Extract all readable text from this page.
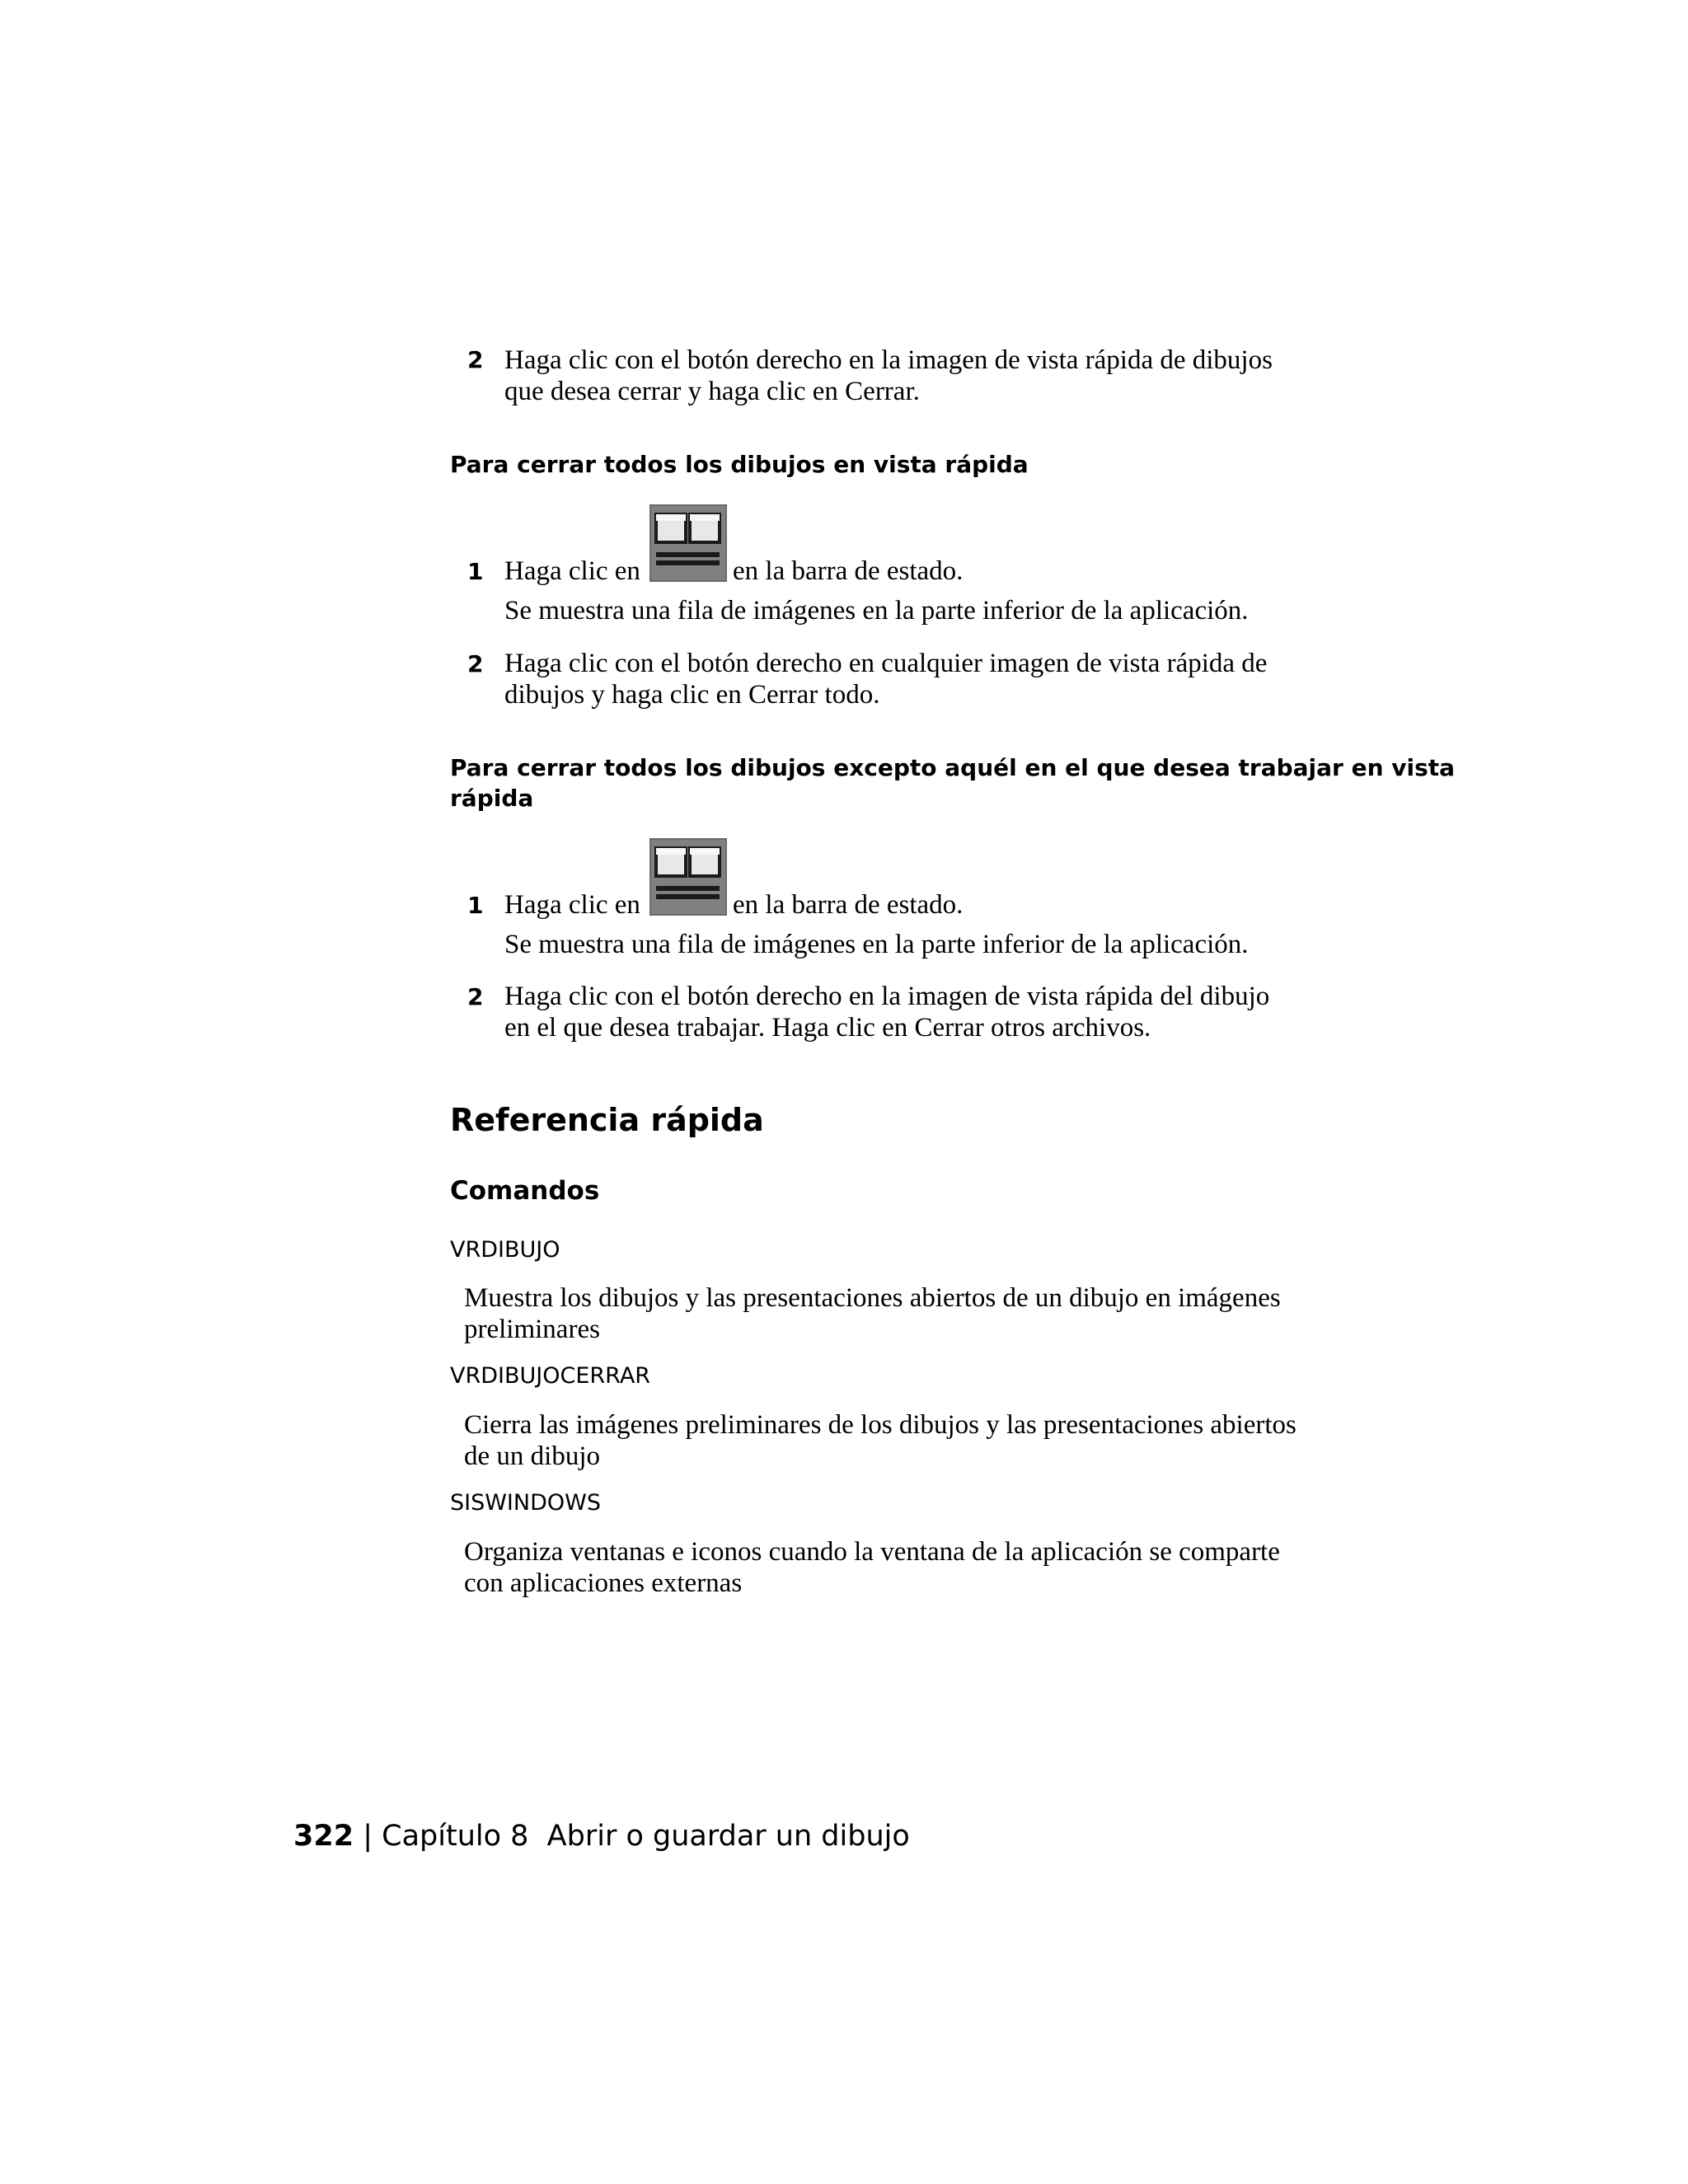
2 Haga clic con el botón derecho en la imagen de vista rápida de dibujos
que desea cerrar y haga clic en Cerrar.
Para cerrar todos los dibujos en vista rápida
1 Haga clic en	en la barra de estado.
Se muestra una fila de imágenes en la parte inferior de la aplicación.
2 Haga clic con el botón derecho en cualquier imagen de vista rápida de
dibujos y haga clic en Cerrar todo.
Para cerrar todos los dibujos excepto aquél en el que desea trabajar en vista
rápida
1 Haga clic en	en la barra de estado.
Se muestra una fila de imágenes en la parte inferior de la aplicación.
2 Haga clic con el botón derecho en la imagen de vista rápida del dibujo
en el que desea trabajar. Haga clic en Cerrar otros archivos.
Referencia rápida
Comandos
VRDIBUJO
Muestra los dibujos y las presentaciones abiertos de un dibujo en imágenes
preliminares
VRDIBUJOCERRAR
Cierra las imágenes preliminares de los dibujos y las presentaciones abiertos
de un dibujo
SISWINDOWS
Organiza ventanas e iconos cuando la ventana de la aplicación se comparte
con aplicaciones externas
322 | Capítulo 8 Abrir o guardar un dibujo
